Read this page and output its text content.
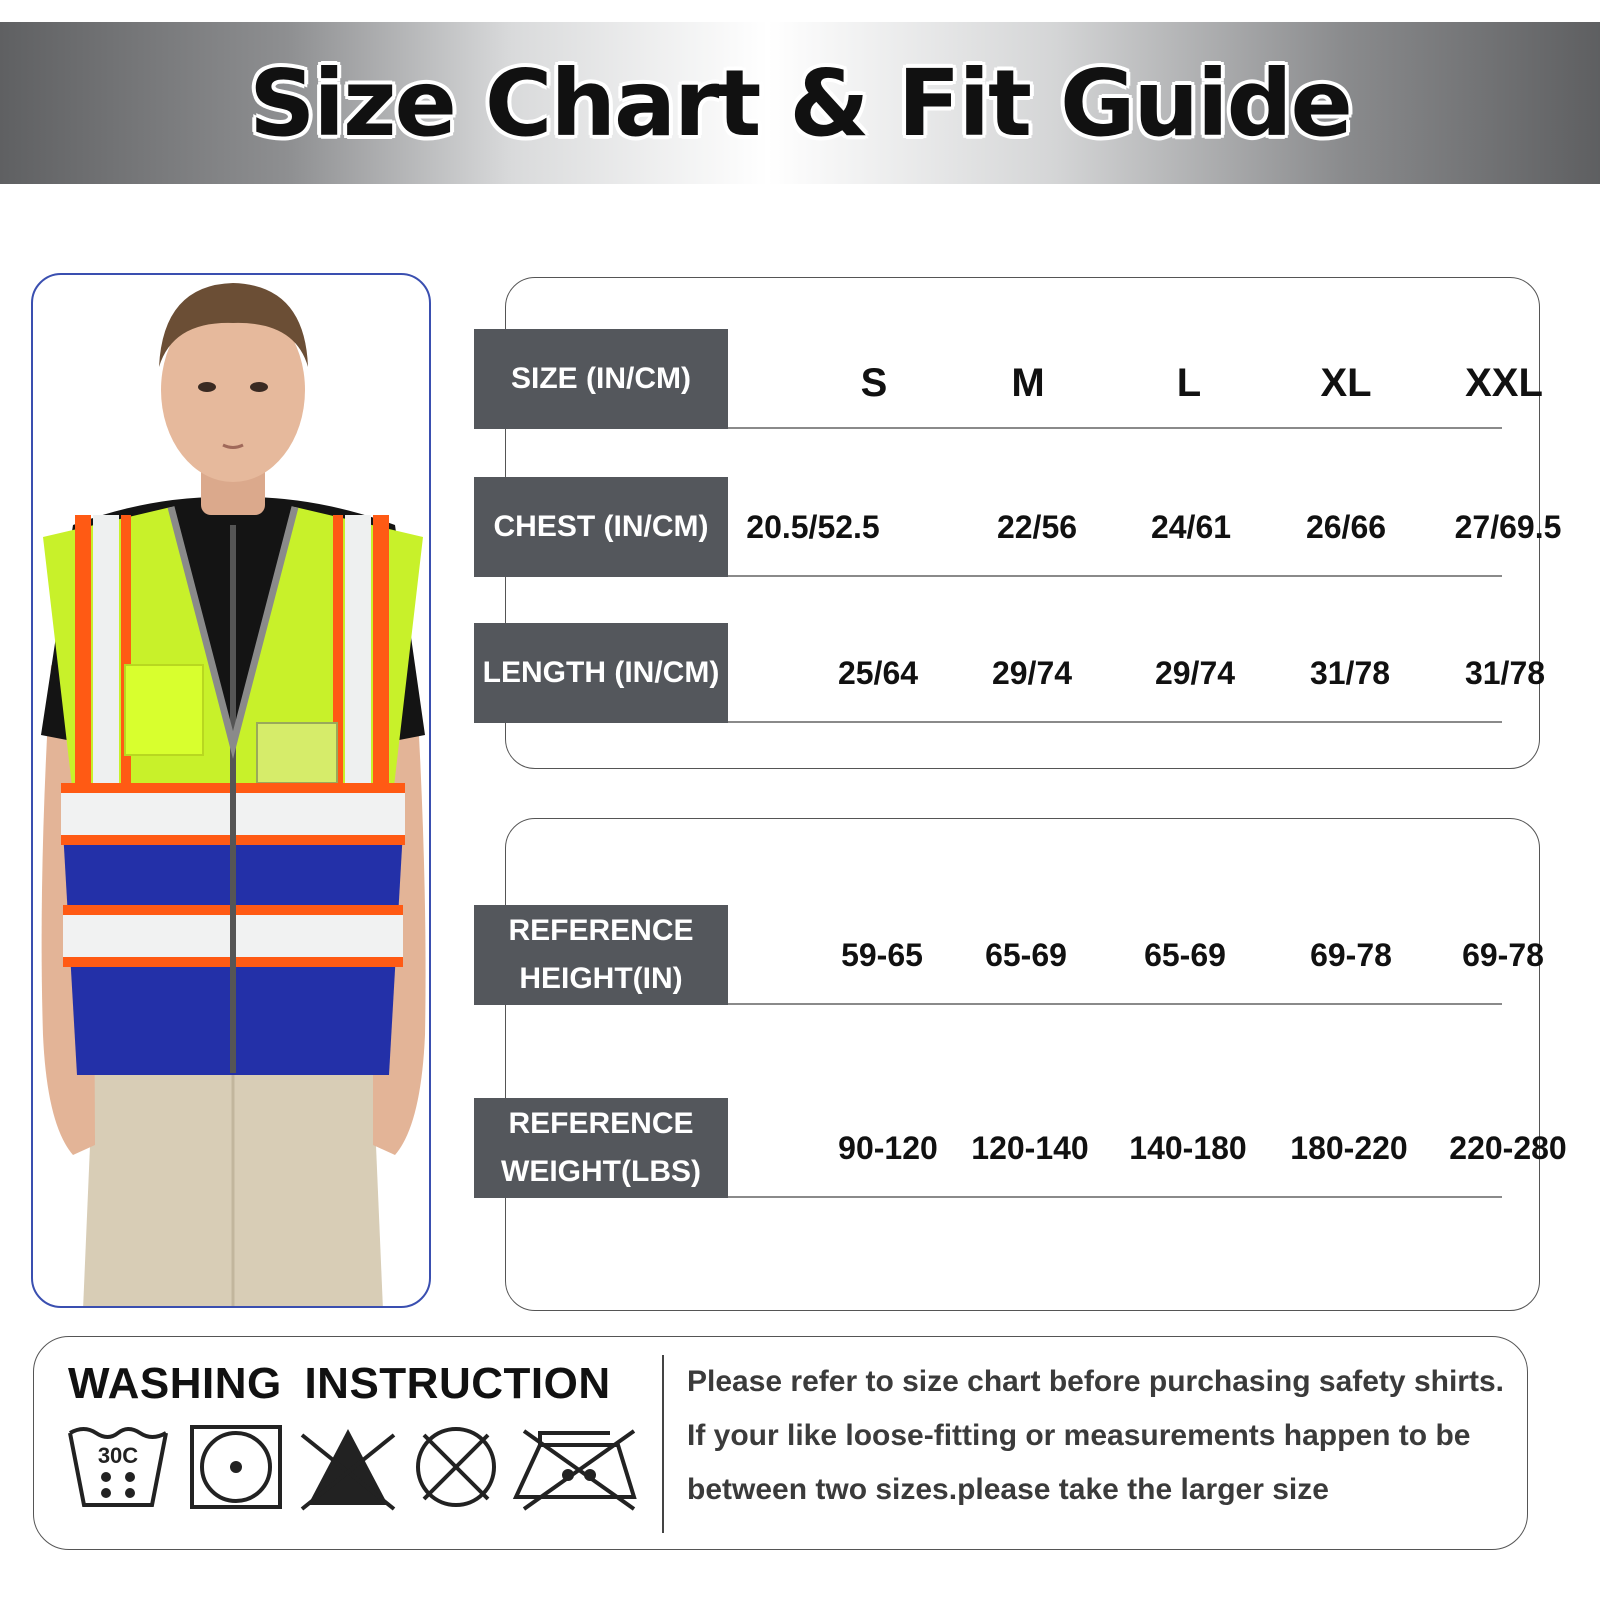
Size Chart & Fit Guide
SIZE (IN/CM)	S	M	L	XL	XXL
CHEST (IN/CM)	20.5/52.5	22/56	24/61	26/66	27/69.5
LENGTH (IN/CM)	25/64	29/74	29/74	31/78	31/78
REFERENCE
HEIGHT(IN)
59-65	65-69	65-69	69-78	69-78
REFERENCE
WEIGHT(LBS)
90-120	120-140	140-180	180-220	220-280
WASHING INSTRUCTION
30C
Please refer to size chart before purchasing safety shirts. If your like loose-fitting or measurements happen to be between two sizes.please take the larger size
